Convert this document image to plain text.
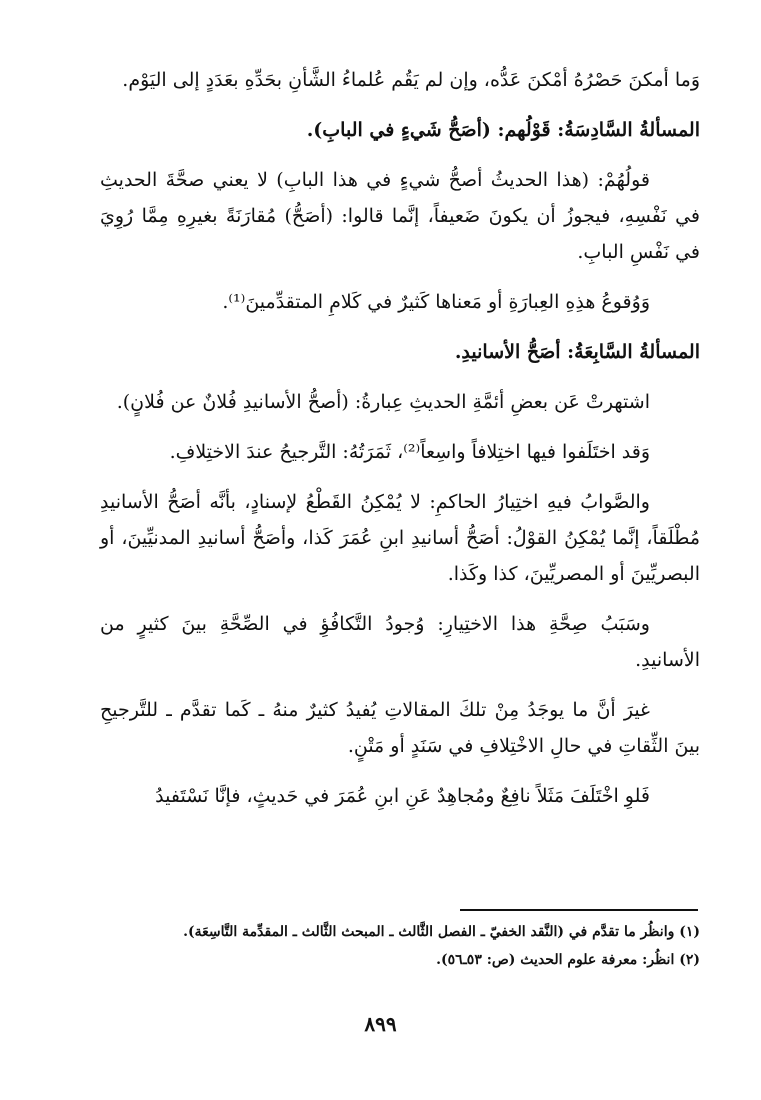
وَما أمكنَ حَصْرُهُ أمْكنَ عَدُّه، وإن لم يَقُم عُلماءُ الشَّأنِ بحَدِّهِ بعَدَدٍ إلى اليَوْم.

المسألةُ السَّادِسَةُ: قَوْلُهم: (أصَحُّ شَيءٍ في البابِ).

قولُهُمْ: (هذا الحديثُ أصحُّ شيءٍ في هذا البابِ) لا يعني صحَّةَ الحديثِ في نَفْسِهِ، فيجوزُ أن يكونَ ضَعيفاً، إنَّما قالوا: (أصَحُّ) مُقارَنَةً بغيرِهِ مِمَّا رُوِيَ في نَفْسِ البابِ.

وَوُقوعُ هذِهِ العِبارَةِ أو مَعناها كَثيرٌ في كَلامِ المتقدِّمينَ⁽¹⁾.

المسألةُ السَّابِعَةُ: أصَحُّ الأسانيدِ.

اشتهرتْ عَن بعضِ أئمَّةِ الحديثِ عِبارةُ: (أصحُّ الأسانيدِ فُلانٌ عن فُلانٍ).

وَقد اختَلَفوا فيها اختِلافاً واسِعاً⁽²⁾، ثَمَرَتُهُ: التَّرجيحُ عندَ الاختِلافِ.

والصَّوابُ فيهِ اختِيارُ الحاكمِ: لا يُمْكِنُ القَطْعُ لإسنادٍ، بأنَّه أصَحُّ الأسانيدِ مُطْلَقاً، إنَّما يُمْكِنُ القوْلُ: أصَحُّ أسانيدِ ابنِ عُمَرَ كَذا، وأصَحُّ أسانيدِ المدنيِّينَ، أو البصريِّينَ أو المصريِّينَ، كذا وكَذا.

وسَبَبُ صِحَّةِ هذا الاختِيارِ: وُجودُ التَّكافُؤِ في الصِّحَّةِ بينَ كثيرٍ من الأسانيدِ.

غيرَ أنَّ ما يوجَدُ مِنْ تلكَ المقالاتِ يُفيدُ كثيرٌ منهُ ـ كَما تقدَّم ـ للتَّرجيحِ بينَ الثِّقاتِ في حالِ الاخْتِلافِ في سَنَدٍ أو مَتْنٍ.

فَلوِ اخْتَلَفَ مَثَلاً نافِعٌ ومُجاهِدٌ عَنِ ابنِ عُمَرَ في حَديثٍ، فإنَّا نَسْتَفيدُ

(١) وانظُر ما تقدَّم في (النَّقد الخفيّ ـ الفصل الثَّالث ـ المبحث الثَّالث ـ المقدِّمة التَّاسِعَة).

(٢) انظُر: معرفة علوم الحديث (ص: ٥٣ـ٥٦).

٨٩٩
